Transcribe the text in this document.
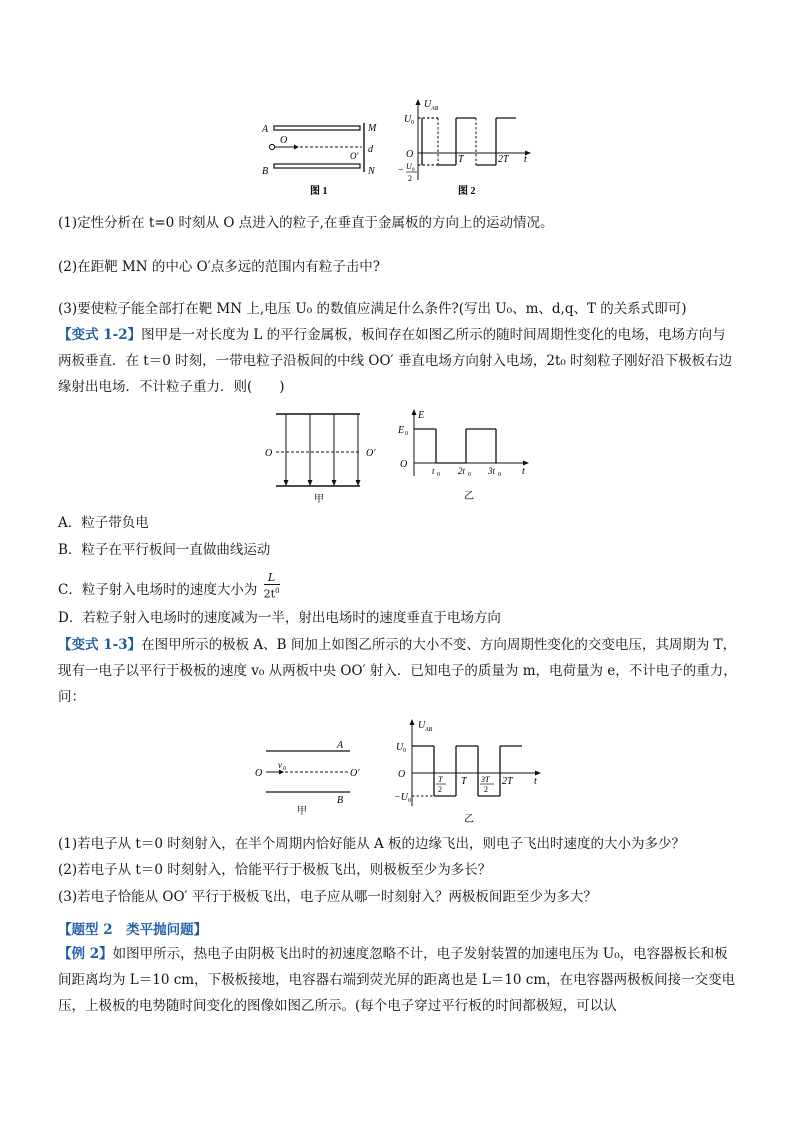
A
B
M
N
d
O
O'
图 1
U AB
U 0
O	T	2T t
− U 0
2
图 2
(1)定性分析在 t=0 时刻从 O 点进入的粒子,在垂直于金属板的方向上的运动情况。
(2)在距靶 MN 的中心 O′点多远的范围内有粒子击中?
(3)要使粒子能全部打在靶 MN 上,电压 U₀ 的数值应满足什么条件?(写出 U₀、m、d,q、T 的关系式即可)
【变式 1-2】图甲是一对长度为 L 的平行金属板，板间存在如图乙所示的随时间周期性变化的电场，电场方向与两板垂直．在 t＝0 时刻，一带电粒子沿板间的中线 OO′ 垂直电场方向射入电场，2t₀ 时刻粒子刚好沿下极板右边缘射出电场．不计粒子重力．则(　　)
O	O′
甲
E
E 0
O
t 0 2t 0 3t 0 t
乙
A．粒子带负电
B．粒子在平行板间一直做曲线运动
C．粒子射入电场时的速度大小为 $\frac{L}{2t^0}$
D．若粒子射入电场时的速度减为一半，射出电场时的速度垂直于电场方向
【变式 1-3】在图甲所示的极板 A、B 间加上如图乙所示的大小不变、方向周期性变化的交变电压，其周期为 T，现有一电子以平行于极板的速度 v₀ 从两板中央 OO′ 射入．已知电子的质量为 m，电荷量为 e，不计电子的重力，问：
O	O′
A
B
v 0
甲
U AB
U 0
O	T
2
T 3T
2
2T t
−U 0
乙
(1)若电子从 t＝0 时刻射入，在半个周期内恰好能从 A 板的边缘飞出，则电子飞出时速度的大小为多少？
(2)若电子从 t＝0 时刻射入，恰能平行于极板飞出，则极板至少为多长？
(3)若电子恰能从 OO′ 平行于极板飞出，电子应从哪一时刻射入？两极板间距至少为多大？
【题型 2　类平抛问题】
【例 2】如图甲所示，热电子由阴极飞出时的初速度忽略不计，电子发射装置的加速电压为 U₀，电容器板长和板间距离均为 L＝10 cm，下极板接地，电容器右端到荧光屏的距离也是 L＝10 cm，在电容器两极板间接一交变电压，上极板的电势随时间变化的图像如图乙所示。(每个电子穿过平行板的时间都极短，可以认
